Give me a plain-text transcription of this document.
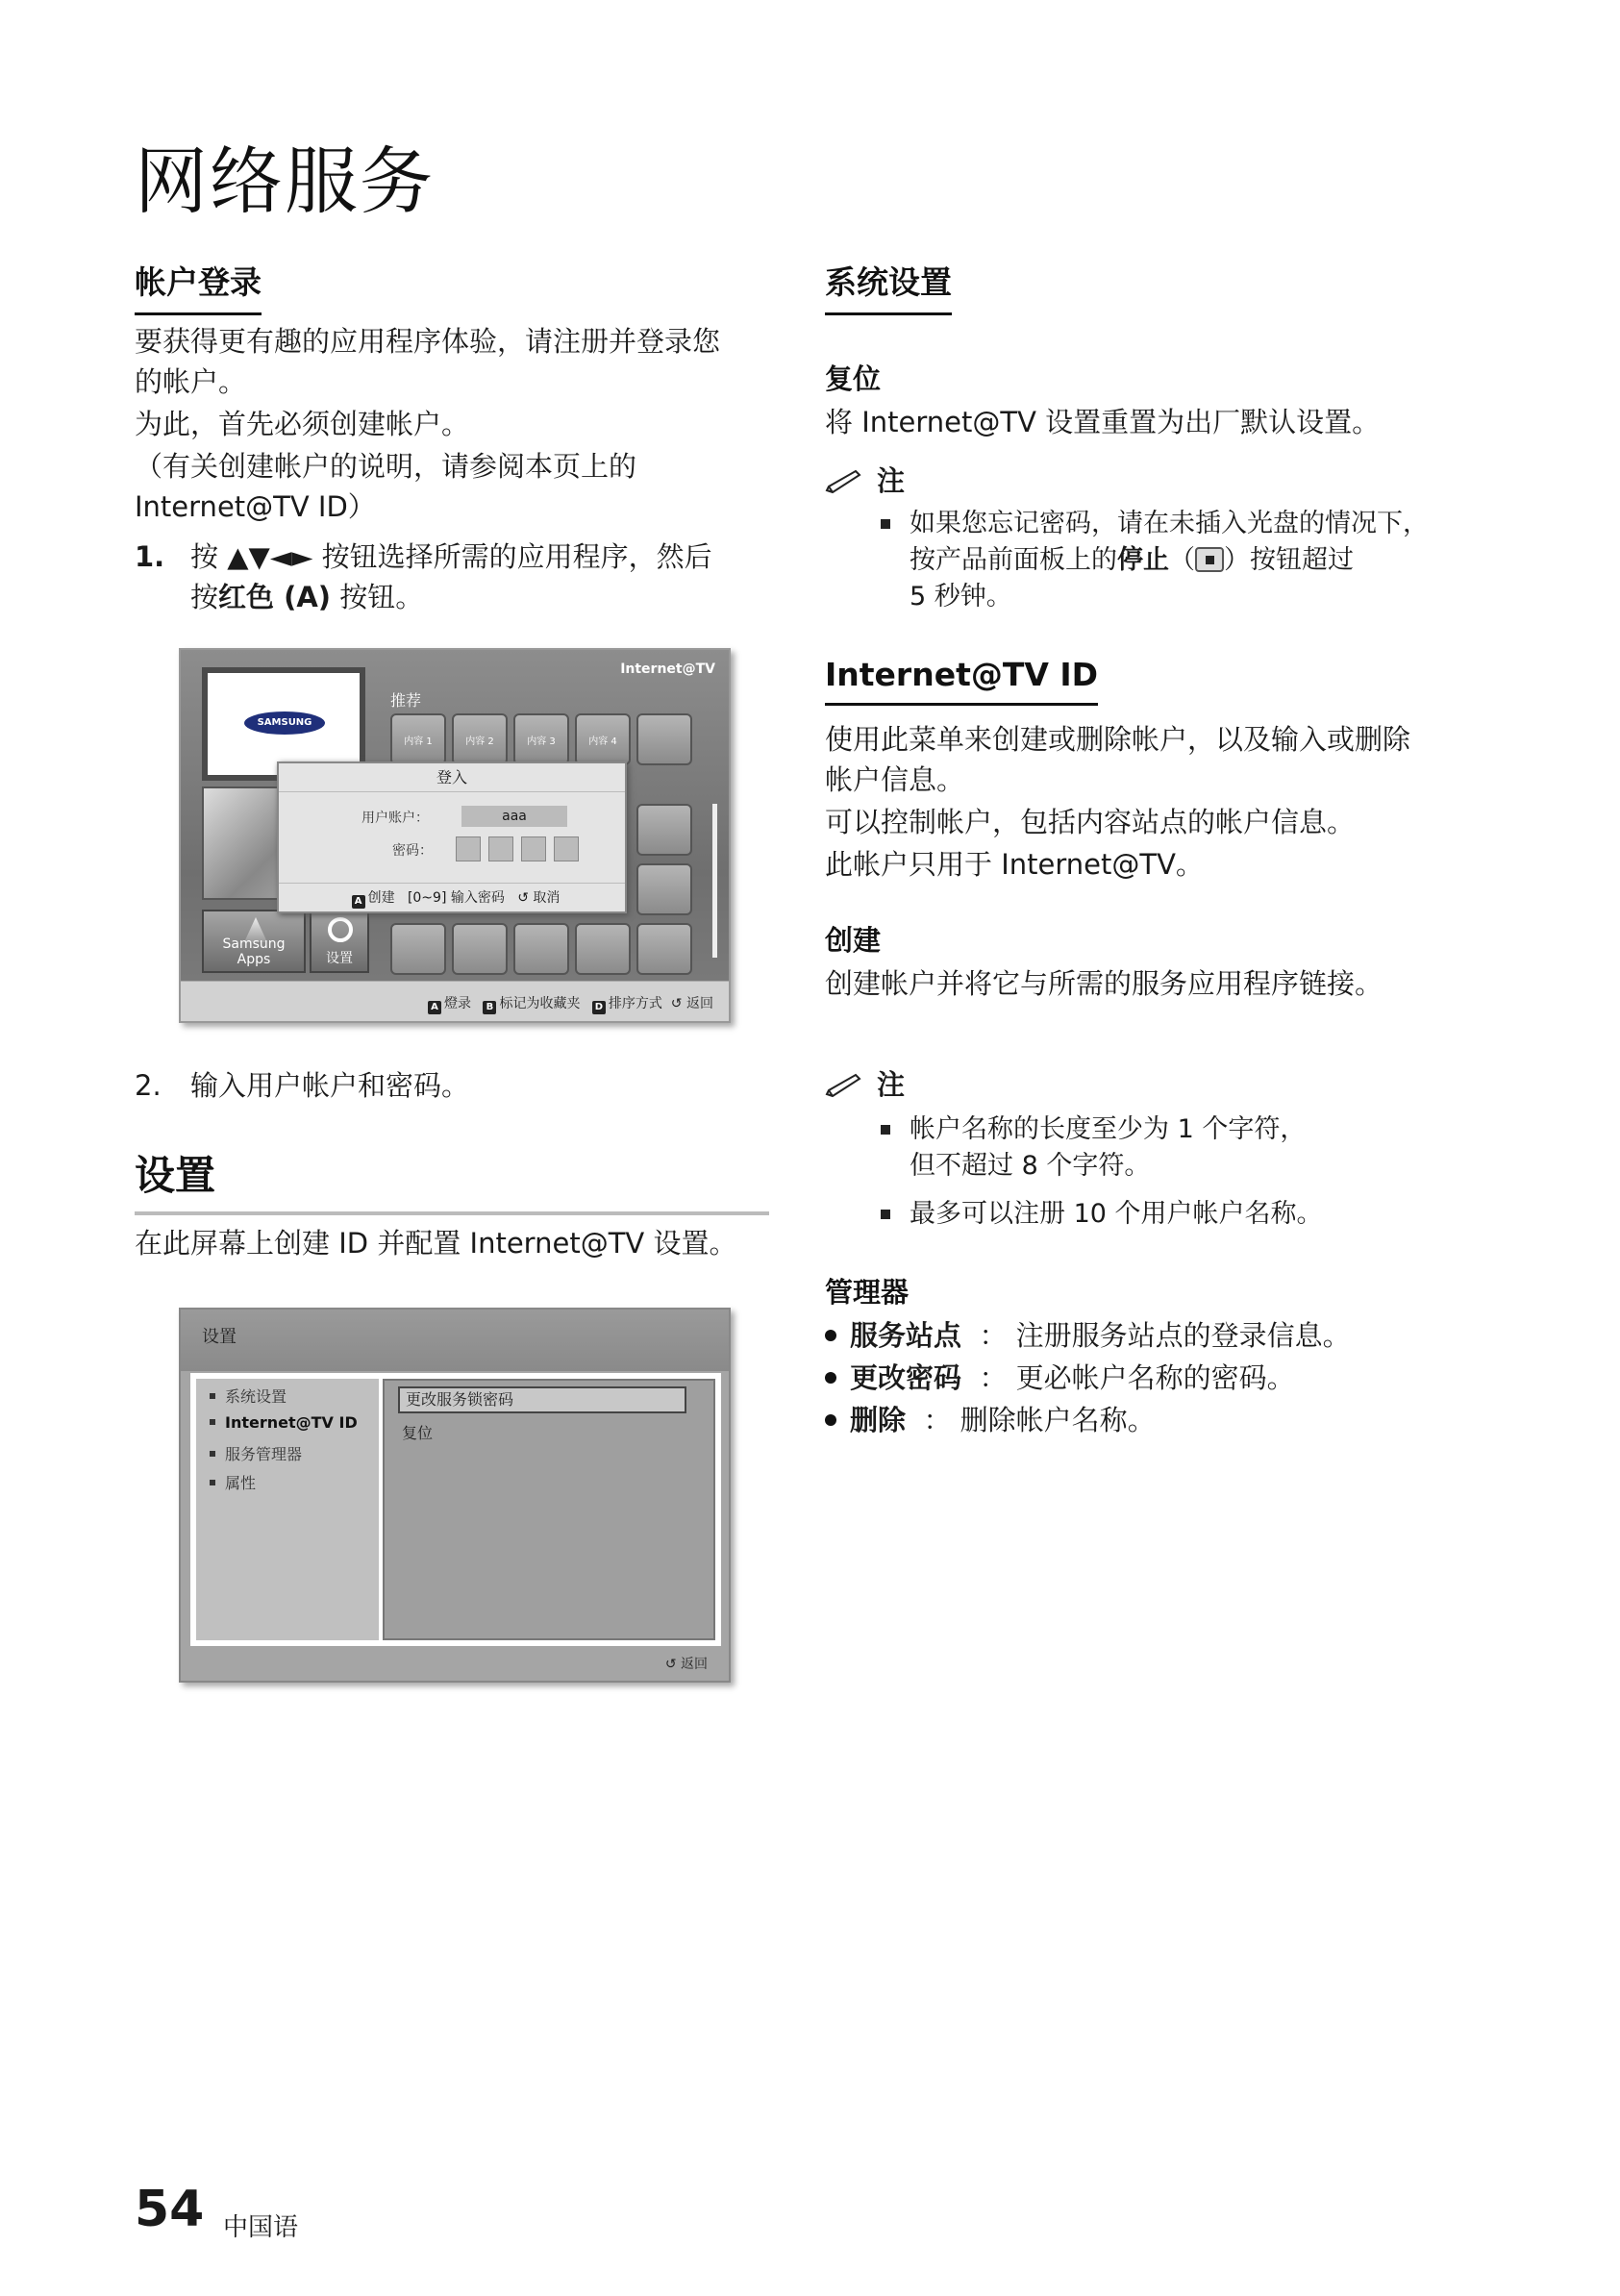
网络服务
帐户登录
要获得更有趣的应用程序体验，请注册并登录您
的帐户。
为此，首先必须创建帐户。
（有关创建帐户的说明，请参阅本页上的
Internet@TV ID）
1. 按 ▲▼◄► 按钮选择所需的应用程序，然后
按红色 (A) 按钮。
Internet@TV
推荐
SAMSUNG
内容 1	内容 2	内容 3	内容 4
Samsung Apps	设置
登入
用户账户：	aaa
密码：
A 创建 [0~9] 输入密码 ↺ 取消
A 燈录 B 标记为收藏夹 D 排序方式  ↺ 返回
2. 输入用户帐户和密码。
设置
在此屏幕上创建 ID 并配置 Internet@TV 设置。
设置
系统设置
Internet@TV ID
服务管理器
属性
更改服务锁密码
复位
↺ 返回
系统设置
复位
将 Internet@TV 设置重置为出厂默认设置。
注
如果您忘记密码，请在未插入光盘的情况下，
按产品前面板上的停止（ ）按钮超过
5 秒钟。
Internet@TV ID
使用此菜单来创建或删除帐户，以及输入或删除
帐户信息。
可以控制帐户，包括内容站点的帐户信息。
此帐户只用于 Internet@TV。
创建
创建帐户并将它与所需的服务应用程序链接。
注
帐户名称的长度至少为 1 个字符，
但不超过 8 个字符。
最多可以注册 10 个用户帐户名称。
管理器
服务站点 ： 注册服务站点的登录信息。
更改密码 ： 更必帐户名称的密码。
删除 ： 删除帐户名称。
54 中国语
